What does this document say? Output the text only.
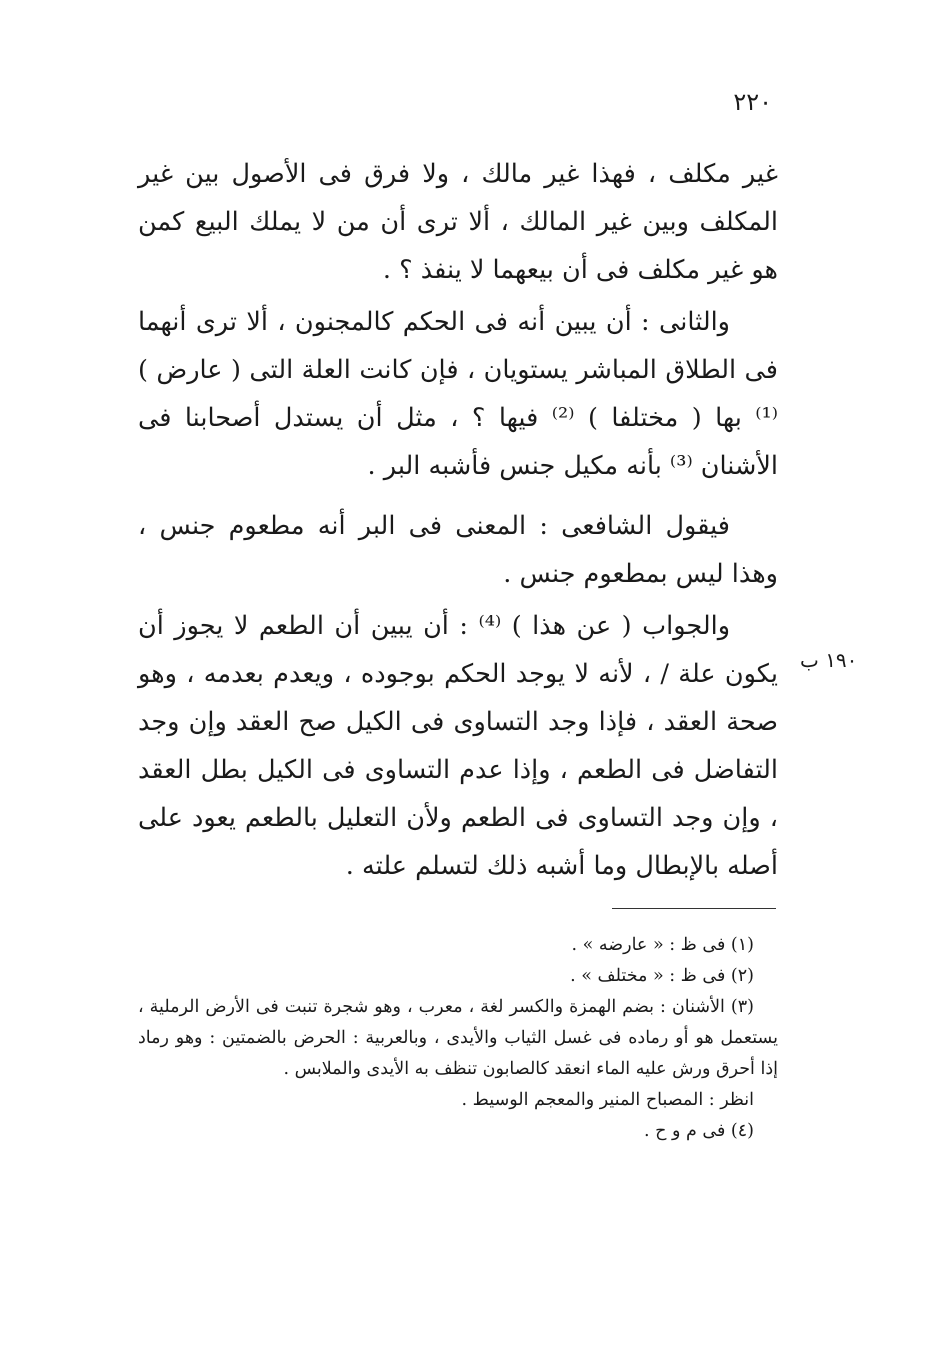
٢٢٠

غير مكلف ، فهذا غير مالك ، ولا فرق فى الأصول بين غير المكلف وبين غير المالك ، ألا ترى أن من لا يملك البيع كمن هو غير مكلف فى أن بيعهما لا ينفذ ؟ .

والثانى : أن يبين أنه فى الحكم كالمجنون ، ألا ترى أنهما فى الطلاق المباشر يستويان ، فإن كانت العلة التى ( عارض ) ⁽¹⁾ بها ( مختلفا ) ⁽²⁾ فيها ؟ ، مثل أن يستدل أصحابنا فى الأشنان ⁽³⁾ بأنه مكيل جنس فأشبه البر .

فيقول الشافعى : المعنى فى البر أنه مطعوم جنس ، وهذا ليس بمطعوم جنس .

والجواب ( عن هذا ) ⁽⁴⁾ : أن يبين أن الطعم لا يجوز أن يكون علة / ، لأنه لا يوجد الحكم بوجوده ، ويعدم بعدمه ، وهو صحة العقد ، فإذا وجد التساوى فى الكيل صح العقد وإن وجد التفاضل فى الطعم ، وإذا عدم التساوى فى الكيل بطل العقد ، وإن وجد التساوى فى الطعم ولأن التعليل بالطعم يعود على أصله بالإبطال وما أشبه ذلك لتسلم علته .

١٩٠ ب

(١) فى ظ : « عارضه » .

(٢) فى ظ : « مختلف » .

(٣) الأشنان : بضم الهمزة والكسر لغة ، معرب ، وهو شجرة تنبت فى الأرض الرملية ، يستعمل هو أو رماده فى غسل الثياب والأيدى ، وبالعربية : الحرض بالضمتين : وهو رماد إذا أحرق ورش عليه الماء انعقد كالصابون تنظف به الأيدى والملابس .

انظر : المصباح المنير والمعجم الوسيط .

(٤) فى م و ح .
